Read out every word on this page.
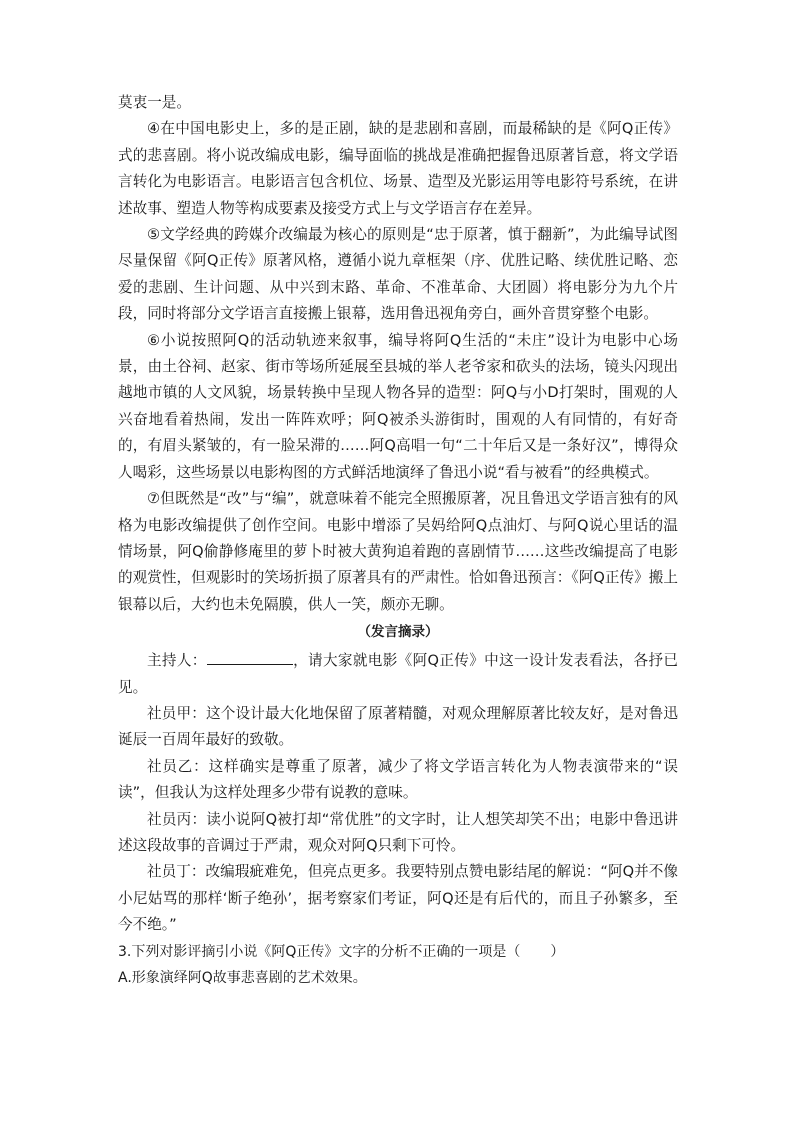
莫衷一是。

④在中国电影史上，多的是正剧，缺的是悲剧和喜剧，而最稀缺的是《阿Q正传》式的悲喜剧。将小说改编成电影，编导面临的挑战是准确把握鲁迅原著旨意，将文学语言转化为电影语言。电影语言包含机位、场景、造型及光影运用等电影符号系统，在讲述故事、塑造人物等构成要素及接受方式上与文学语言存在差异。

⑤文学经典的跨媒介改编最为核心的原则是“忠于原著，慎于翻新”，为此编导试图尽量保留《阿Q正传》原著风格，遵循小说九章框架（序、优胜记略、续优胜记略、恋爱的悲剧、生计问题、从中兴到末路、革命、不准革命、大团圆）将电影分为九个片段，同时将部分文学语言直接搬上银幕，选用鲁迅视角旁白，画外音贯穿整个电影。

⑥小说按照阿Q的活动轨迹来叙事，编导将阿Q生活的“未庄”设计为电影中心场景，由土谷祠、赵家、街市等场所延展至县城的举人老爷家和砍头的法场，镜头闪现出越地市镇的人文风貌，场景转换中呈现人物各异的造型：阿Q与小D打架时，围观的人兴奋地看着热闹，发出一阵阵欢呼；阿Q被杀头游街时，围观的人有同情的，有好奇的，有眉头紧皱的，有一脸呆滞的……阿Q高唱一句“二十年后又是一条好汉”，博得众人喝彩，这些场景以电影构图的方式鲜活地演绎了鲁迅小说“看与被看”的经典模式。

⑦但既然是“改”与“编”，就意味着不能完全照搬原著，况且鲁迅文学语言独有的风格为电影改编提供了创作空间。电影中增添了吴妈给阿Q点油灯、与阿Q说心里话的温情场景，阿Q偷静修庵里的萝卜时被大黄狗追着跑的喜剧情节……这些改编提高了电影的观赏性，但观影时的笑场折损了原著具有的严肃性。恰如鲁迅预言：《阿Q正传》搬上银幕以后，大约也未免隔膜，供人一笑，颇亦无聊。

（发言摘录）

主持人：	，请大家就电影《阿Q正传》中这一设计发表看法，各抒已见。

社员甲：这个设计最大化地保留了原著精髓，对观众理解原著比较友好，是对鲁迅诞辰一百周年最好的致敬。

社员乙：这样确实是尊重了原著，减少了将文学语言转化为人物表演带来的“误读”，但我认为这样处理多少带有说教的意味。

社员丙：读小说阿Q被打却“常优胜”的文字时，让人想笑却笑不出；电影中鲁迅讲述这段故事的音调过于严肃，观众对阿Q只剩下可怜。

社员丁：改编瑕疵难免，但亮点更多。我要特别点赞电影结尾的解说：“阿Q并不像小尼姑骂的那样‘断子绝孙’，据考察家们考证，阿Q还是有后代的，而且子孙繁多，至今不绝。”

3.下列对影评摘引小说《阿Q正传》文字的分析不正确的一项是（ ）

A.形象演绎阿Q故事悲喜剧的艺术效果。
